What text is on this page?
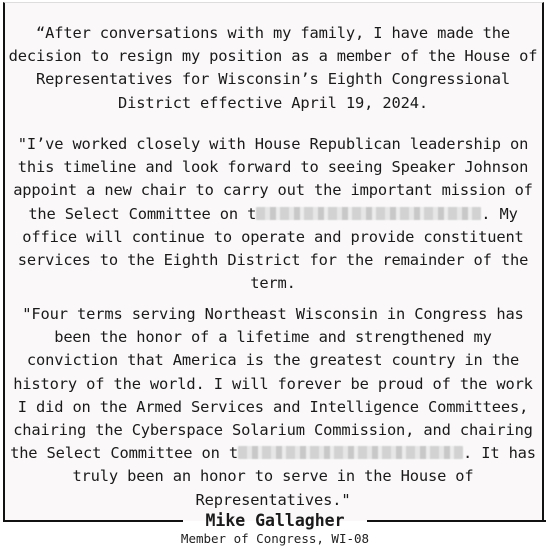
“After conversations with my family, I have made the decision to resign my position as a member of the House of Representatives for Wisconsin’s Eighth Congressional District effective April 19, 2024.
"I’ve worked closely with House Republican leadership on this timeline and look forward to seeing Speaker Johnson appoint a new chair to carry out the important mission of the Select Committee on t	. My office will continue to operate and provide constituent services to the Eighth District for the remainder of the term.
"Four terms serving Northeast Wisconsin in Congress has been the honor of a lifetime and strengthened my conviction that America is the greatest country in the history of the world. I will forever be proud of the work I did on the Armed Services and Intelligence Committees, chairing the Cyberspace Solarium Commission, and chairing the Select Committee on t	. It has truly been an honor to serve in the House of Representatives."
Mike Gallagher
Member of Congress, WI-08
